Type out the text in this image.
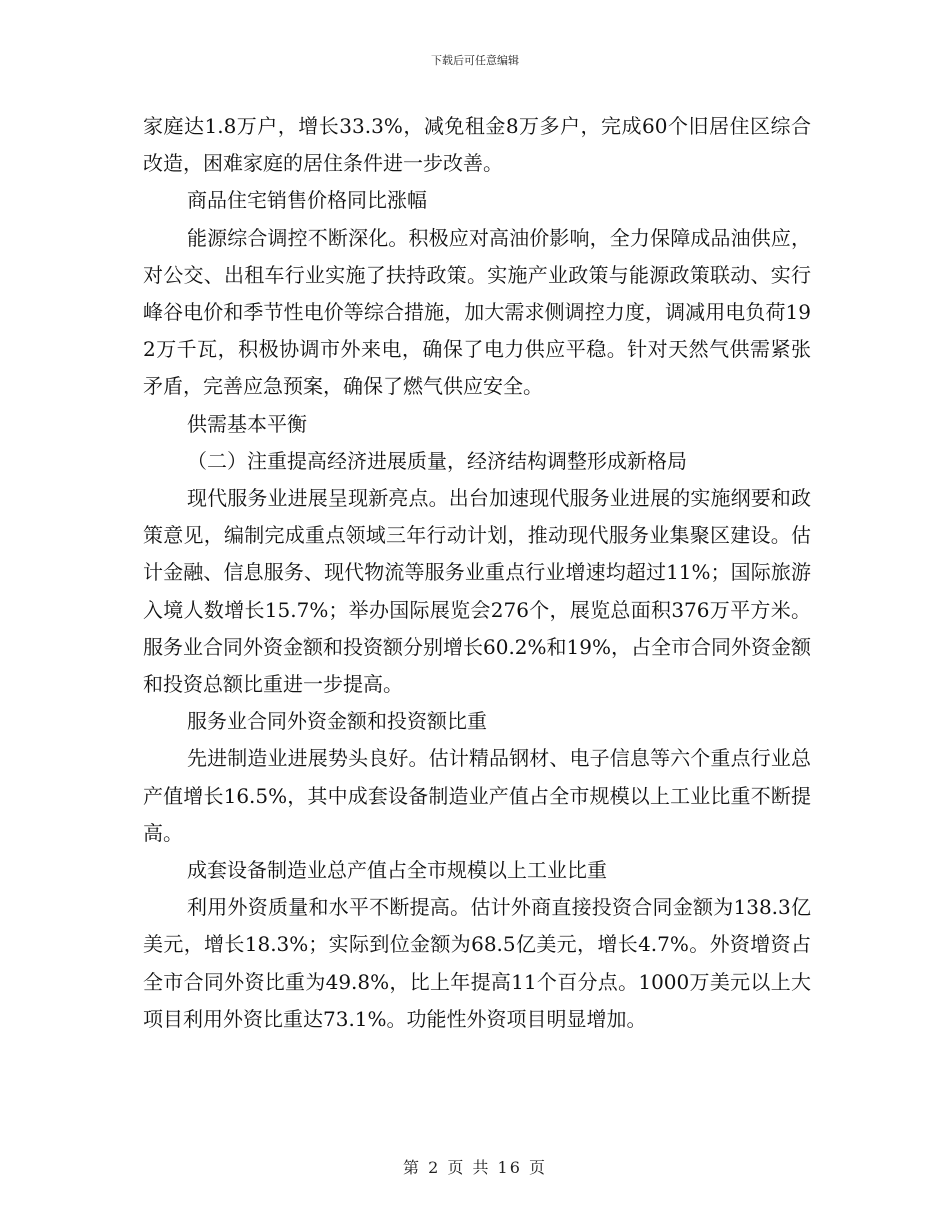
下载后可任意编辑

家庭达1.8万户，增长33.3%，减免租金8万多户，完成60个旧居住区综合改造，困难家庭的居住条件进一步改善。

商品住宅销售价格同比涨幅

能源综合调控不断深化。积极应对高油价影响，全力保障成品油供应，对公交、出租车行业实施了扶持政策。实施产业政策与能源政策联动、实行峰谷电价和季节性电价等综合措施，加大需求侧调控力度，调减用电负荷192万千瓦，积极协调市外来电，确保了电力供应平稳。针对天然气供需紧张矛盾，完善应急预案，确保了燃气供应安全。

供需基本平衡

（二）注重提高经济进展质量，经济结构调整形成新格局

现代服务业进展呈现新亮点。出台加速现代服务业进展的实施纲要和政策意见，编制完成重点领域三年行动计划，推动现代服务业集聚区建设。估计金融、信息服务、现代物流等服务业重点行业增速均超过11%；国际旅游入境人数增长15.7%；举办国际展览会276个，展览总面积376万平方米。服务业合同外资金额和投资额分别增长60.2%和19%，占全市合同外资金额和投资总额比重进一步提高。

服务业合同外资金额和投资额比重

先进制造业进展势头良好。估计精品钢材、电子信息等六个重点行业总产值增长16.5%，其中成套设备制造业产值占全市规模以上工业比重不断提高。

成套设备制造业总产值占全市规模以上工业比重

利用外资质量和水平不断提高。估计外商直接投资合同金额为138.3亿美元，增长18.3%；实际到位金额为68.5亿美元，增长4.7%。外资增资占全市合同外资比重为49.8%，比上年提高11个百分点。1000万美元以上大项目利用外资比重达73.1%。功能性外资项目明显增加。

第 2 页 共 16 页
